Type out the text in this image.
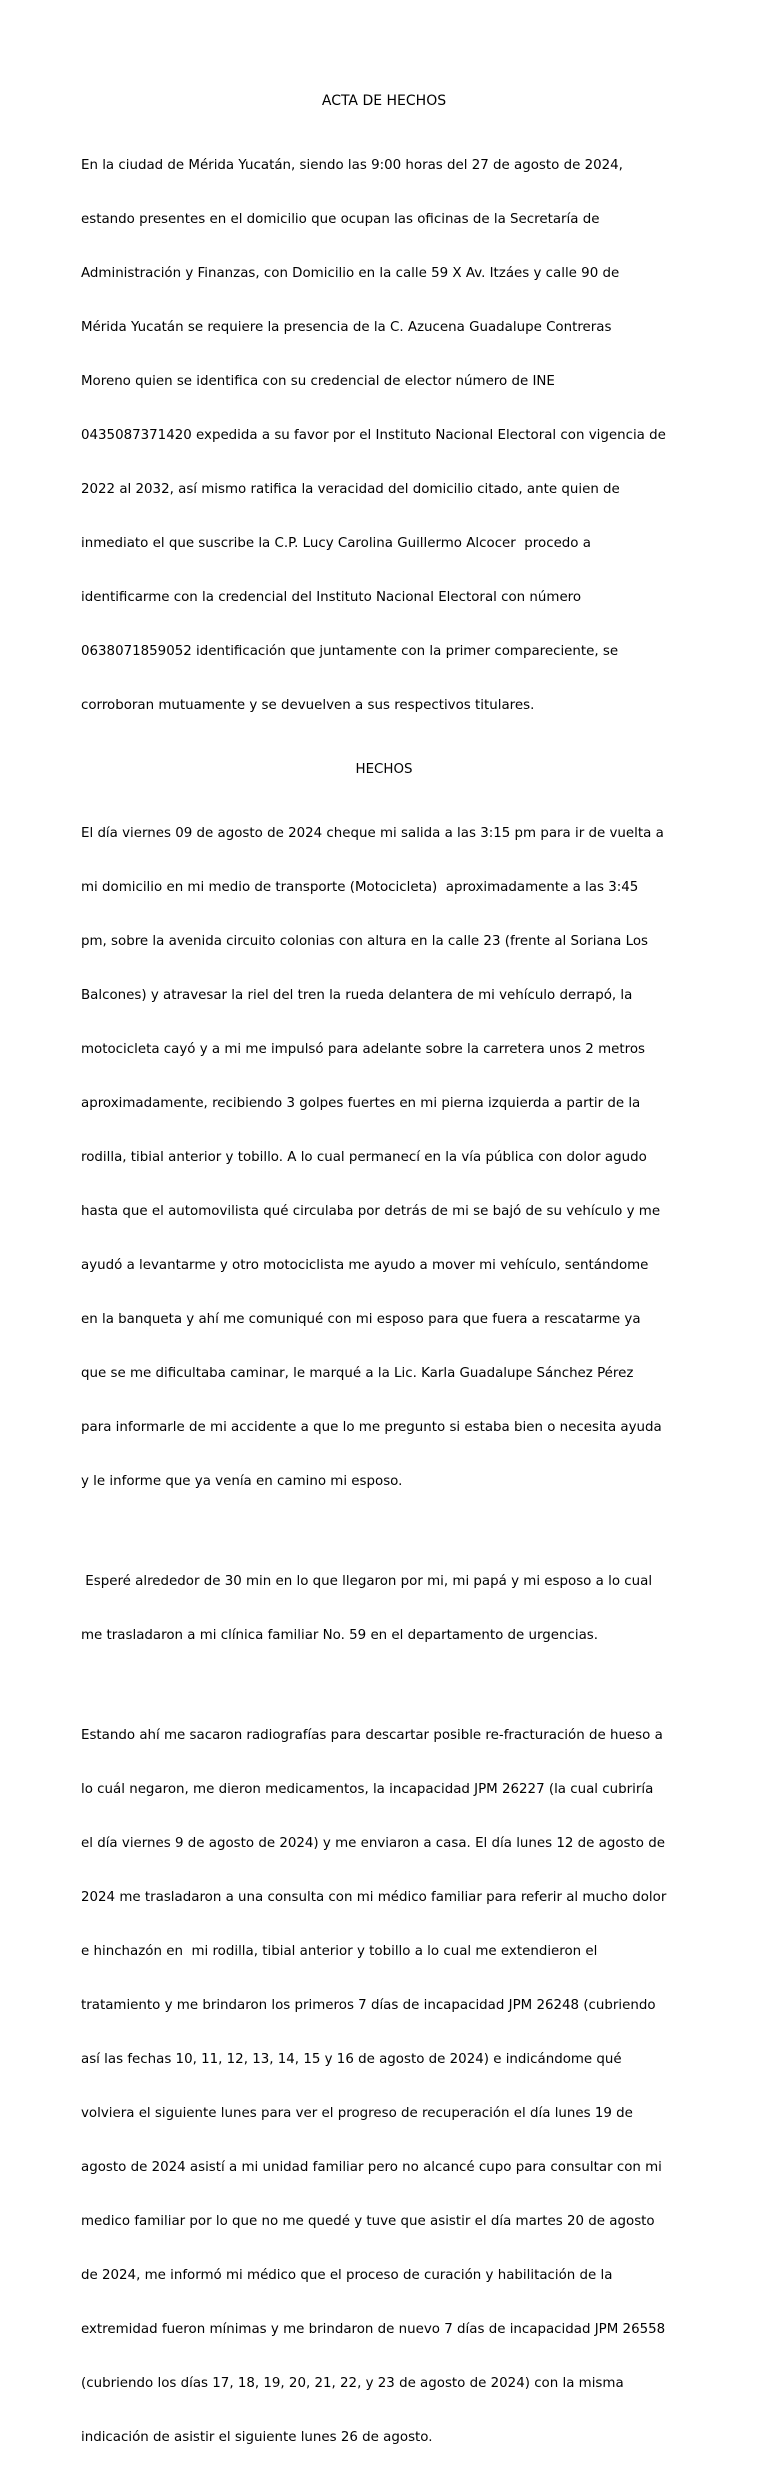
ACTA DE HECHOS

En la ciudad de Mérida Yucatán, siendo las 9:00 horas del 27 de agosto de 2024,

estando presentes en el domicilio que ocupan las oficinas de la Secretaría de

Administración y Finanzas, con Domicilio en la calle 59 X Av. Itzáes y calle 90 de

Mérida Yucatán se requiere la presencia de la C. Azucena Guadalupe Contreras

Moreno quien se identifica con su credencial de elector número de INE

0435087371420 expedida a su favor por el Instituto Nacional Electoral con vigencia de

2022 al 2032, así mismo ratifica la veracidad del domicilio citado, ante quien de

inmediato el que suscribe la C.P. Lucy Carolina Guillermo Alcocer  procedo a

identificarme con la credencial del Instituto Nacional Electoral con número

0638071859052 identificación que juntamente con la primer compareciente, se

corroboran mutuamente y se devuelven a sus respectivos titulares.

HECHOS

El día viernes 09 de agosto de 2024 cheque mi salida a las 3:15 pm para ir de vuelta a

mi domicilio en mi medio de transporte (Motocicleta)  aproximadamente a las 3:45

pm, sobre la avenida circuito colonias con altura en la calle 23 (frente al Soriana Los

Balcones) y atravesar la riel del tren la rueda delantera de mi vehículo derrapó, la

motocicleta cayó y a mi me impulsó para adelante sobre la carretera unos 2 metros

aproximadamente, recibiendo 3 golpes fuertes en mi pierna izquierda a partir de la

rodilla, tibial anterior y tobillo. A lo cual permanecí en la vía pública con dolor agudo

hasta que el automovilista qué circulaba por detrás de mi se bajó de su vehículo y me

ayudó a levantarme y otro motociclista me ayudo a mover mi vehículo, sentándome

en la banqueta y ahí me comuniqué con mi esposo para que fuera a rescatarme ya

que se me dificultaba caminar, le marqué a la Lic. Karla Guadalupe Sánchez Pérez

para informarle de mi accidente a que lo me pregunto si estaba bien o necesita ayuda

y le informe que ya venía en camino mi esposo.

Esperé alrededor de 30 min en lo que llegaron por mi, mi papá y mi esposo a lo cual

me trasladaron a mi clínica familiar No. 59 en el departamento de urgencias.

Estando ahí me sacaron radiografías para descartar posible re-fracturación de hueso a

lo cuál negaron, me dieron medicamentos, la incapacidad JPM 26227 (la cual cubriría

el día viernes 9 de agosto de 2024) y me enviaron a casa. El día lunes 12 de agosto de

2024 me trasladaron a una consulta con mi médico familiar para referir al mucho dolor

e hinchazón en  mi rodilla, tibial anterior y tobillo a lo cual me extendieron el

tratamiento y me brindaron los primeros 7 días de incapacidad JPM 26248 (cubriendo

así las fechas 10, 11, 12, 13, 14, 15 y 16 de agosto de 2024) e indicándome qué

volviera el siguiente lunes para ver el progreso de recuperación el día lunes 19 de

agosto de 2024 asistí a mi unidad familiar pero no alcancé cupo para consultar con mi

medico familiar por lo que no me quedé y tuve que asistir el día martes 20 de agosto

de 2024, me informó mi médico que el proceso de curación y habilitación de la

extremidad fueron mínimas y me brindaron de nuevo 7 días de incapacidad JPM 26558

(cubriendo los días 17, 18, 19, 20, 21, 22, y 23 de agosto de 2024) con la misma

indicación de asistir el siguiente lunes 26 de agosto.
